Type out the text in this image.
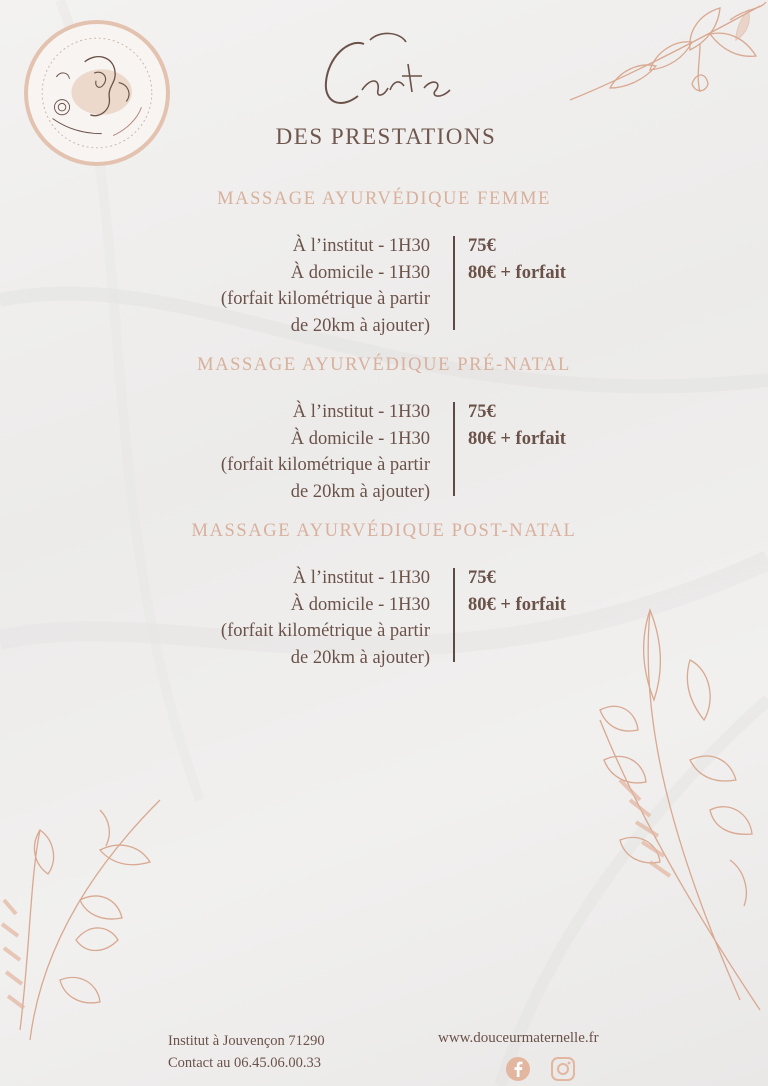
DES PRESTATIONS
MASSAGE AYURVÉDIQUE FEMME
À l’institut - 1H30
À domicile - 1H30
(forfait kilométrique à partir
de 20km à ajouter)
75€
80€ + forfait
MASSAGE AYURVÉDIQUE PRÉ-NATAL
À l’institut - 1H30
À domicile - 1H30
(forfait kilométrique à partir
de 20km à ajouter)
75€
80€ + forfait
MASSAGE AYURVÉDIQUE POST-NATAL
À l’institut - 1H30
À domicile - 1H30
(forfait kilométrique à partir
de 20km à ajouter)
75€
80€ + forfait
Institut à Jouvençon 71290
Contact au 06.45.06.00.33
www.douceurmaternelle.fr
